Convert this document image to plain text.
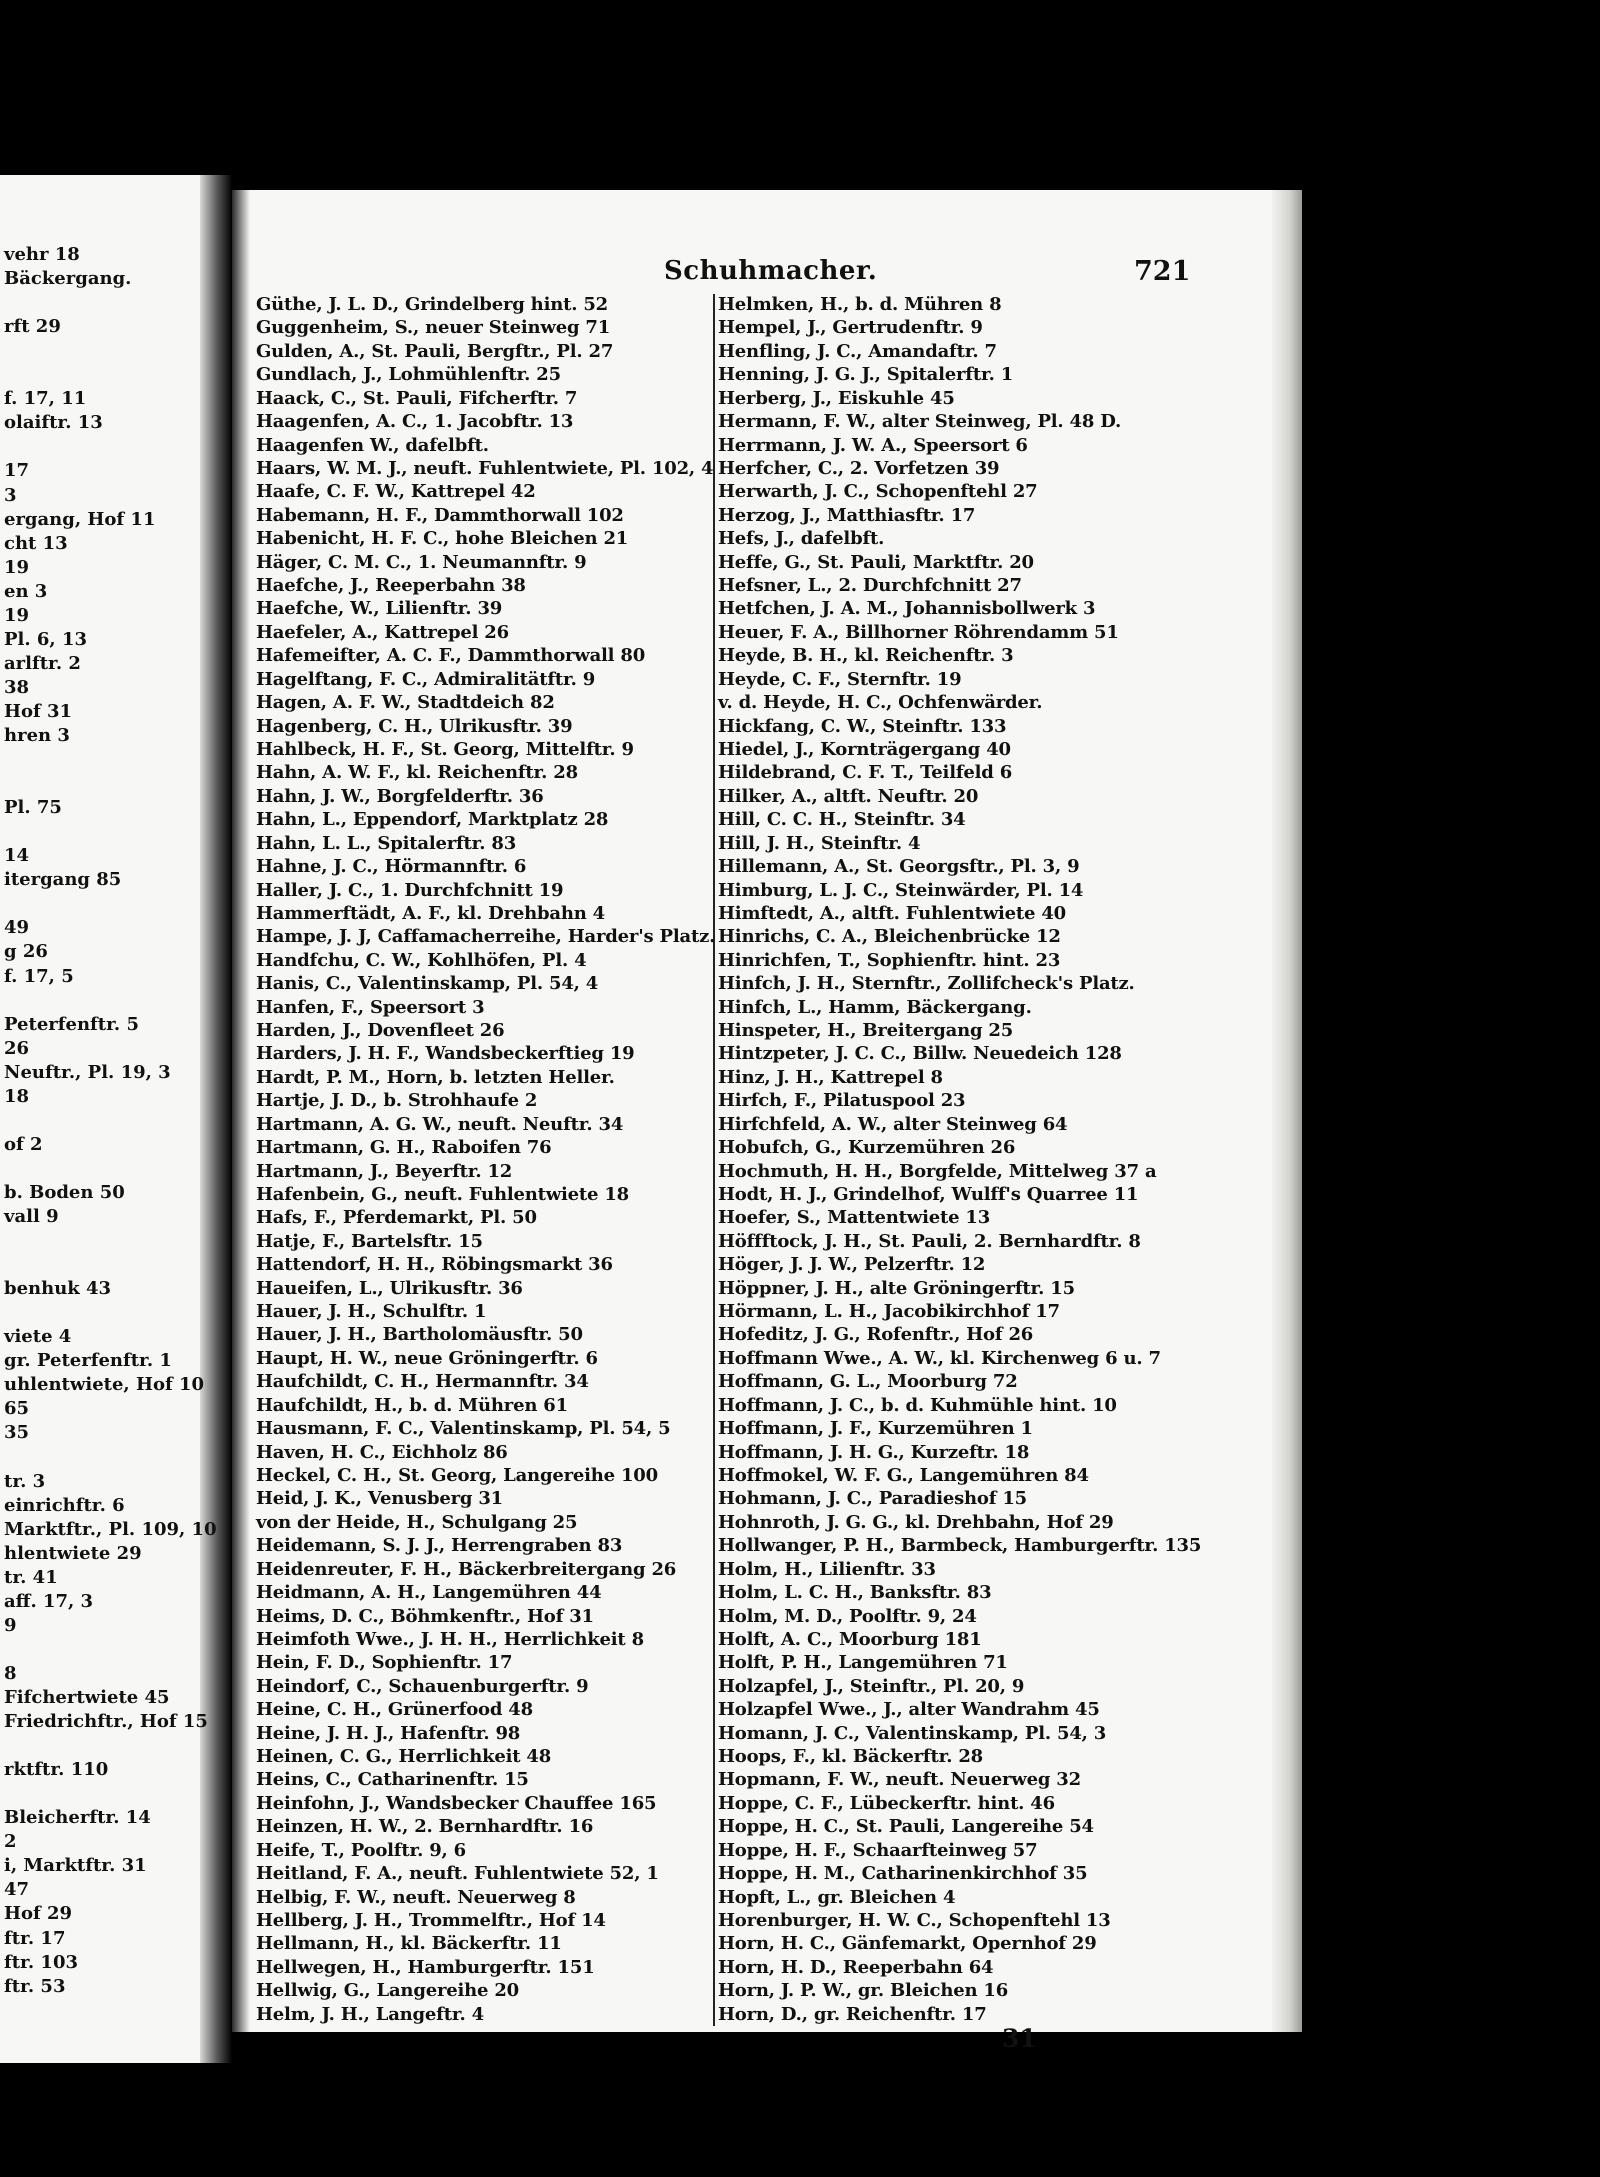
Schuhmacher.	721
31
vehr 18
Bäckergang.
rft 29
f. 17, 11
olaiftr. 13
17
3
ergang, Hof 11
cht 13
19
en 3
19
Pl. 6, 13
arlftr. 2
38
Hof 31
hren 3
Pl. 75
14
itergang 85
49
g 26
f. 17, 5
Peterfenftr. 5
26
Neuftr., Pl. 19, 3
18
of 2
b. Boden 50
vall 9
benhuk 43
viete 4
gr. Peterfenftr. 1
uhlentwiete, Hof 10
65
35
tr. 3
einrichftr. 6
Marktftr., Pl. 109, 10
hlentwiete 29
tr. 41
aff. 17, 3
9
8
Fifchertwiete 45
Friedrichftr., Hof 15
rktftr. 110
Bleicherftr. 14
2
i, Marktftr. 31
47
Hof 29
ftr. 17
ftr. 103
ftr. 53
Güthe, J. L. D., Grindelberg hint. 52
Guggenheim, S., neuer Steinweg 71
Gulden, A., St. Pauli, Bergftr., Pl. 27
Gundlach, J., Lohmühlenftr. 25
Haack, C., St. Pauli, Fifcherftr. 7
Haagenfen, A. C., 1. Jacobftr. 13
Haagenfen W., dafelbft.
Haars, W. M. J., neuft. Fuhlentwiete, Pl. 102, 4
Haafe, C. F. W., Kattrepel 42
Habemann, H. F., Dammthorwall 102
Habenicht, H. F. C., hohe Bleichen 21
Häger, C. M. C., 1. Neumannftr. 9
Haefche, J., Reeperbahn 38
Haefche, W., Lilienftr. 39
Haefeler, A., Kattrepel 26
Hafemeifter, A. C. F., Dammthorwall 80
Hagelftang, F. C., Admiralitätftr. 9
Hagen, A. F. W., Stadtdeich 82
Hagenberg, C. H., Ulrikusftr. 39
Hahlbeck, H. F., St. Georg, Mittelftr. 9
Hahn, A. W. F., kl. Reichenftr. 28
Hahn, J. W., Borgfelderftr. 36
Hahn, L., Eppendorf, Marktplatz 28
Hahn, L. L., Spitalerftr. 83
Hahne, J. C., Hörmannftr. 6
Haller, J. C., 1. Durchfchnitt 19
Hammerftädt, A. F., kl. Drehbahn 4
Hampe, J. J, Caffamacherreihe, Harder's Platz.
Handfchu, C. W., Kohlhöfen, Pl. 4
Hanis, C., Valentinskamp, Pl. 54, 4
Hanfen, F., Speersort 3
Harden, J., Dovenfleet 26
Harders, J. H. F., Wandsbeckerftieg 19
Hardt, P. M., Horn, b. letzten Heller.
Hartje, J. D., b. Strohhaufe 2
Hartmann, A. G. W., neuft. Neuftr. 34
Hartmann, G. H., Raboifen 76
Hartmann, J., Beyerftr. 12
Hafenbein, G., neuft. Fuhlentwiete 18
Hafs, F., Pferdemarkt, Pl. 50
Hatje, F., Bartelsftr. 15
Hattendorf, H. H., Röbingsmarkt 36
Haueifen, L., Ulrikusftr. 36
Hauer, J. H., Schulftr. 1
Hauer, J. H., Bartholomäusftr. 50
Haupt, H. W., neue Gröningerftr. 6
Haufchildt, C. H., Hermannftr. 34
Haufchildt, H., b. d. Mühren 61
Hausmann, F. C., Valentinskamp, Pl. 54, 5
Haven, H. C., Eichholz 86
Heckel, C. H., St. Georg, Langereihe 100
Heid, J. K., Venusberg 31
von der Heide, H., Schulgang 25
Heidemann, S. J. J., Herrengraben 83
Heidenreuter, F. H., Bäckerbreitergang 26
Heidmann, A. H., Langemühren 44
Heims, D. C., Böhmkenftr., Hof 31
Heimfoth Wwe., J. H. H., Herrlichkeit 8
Hein, F. D., Sophienftr. 17
Heindorf, C., Schauenburgerftr. 9
Heine, C. H., Grünerfood 48
Heine, J. H. J., Hafenftr. 98
Heinen, C. G., Herrlichkeit 48
Heins, C., Catharinenftr. 15
Heinfohn, J., Wandsbecker Chauffee 165
Heinzen, H. W., 2. Bernhardftr. 16
Heife, T., Poolftr. 9, 6
Heitland, F. A., neuft. Fuhlentwiete 52, 1
Helbig, F. W., neuft. Neuerweg 8
Hellberg, J. H., Trommelftr., Hof 14
Hellmann, H., kl. Bäckerftr. 11
Hellwegen, H., Hamburgerftr. 151
Hellwig, G., Langereihe 20
Helm, J. H., Langeftr. 4
Helmken, H., b. d. Mühren 8
Hempel, J., Gertrudenftr. 9
Henfling, J. C., Amandaftr. 7
Henning, J. G. J., Spitalerftr. 1
Herberg, J., Eiskuhle 45
Hermann, F. W., alter Steinweg, Pl. 48 D.
Herrmann, J. W. A., Speersort 6
Herfcher, C., 2. Vorfetzen 39
Herwarth, J. C., Schopenftehl 27
Herzog, J., Matthiasftr. 17
Hefs, J., dafelbft.
Heffe, G., St. Pauli, Marktftr. 20
Hefsner, L., 2. Durchfchnitt 27
Hetfchen, J. A. M., Johannisbollwerk 3
Heuer, F. A., Billhorner Röhrendamm 51
Heyde, B. H., kl. Reichenftr. 3
Heyde, C. F., Sternftr. 19
v. d. Heyde, H. C., Ochfenwärder.
Hickfang, C. W., Steinftr. 133
Hiedel, J., Kornträgergang 40
Hildebrand, C. F. T., Teilfeld 6
Hilker, A., altft. Neuftr. 20
Hill, C. C. H., Steinftr. 34
Hill, J. H., Steinftr. 4
Hillemann, A., St. Georgsftr., Pl. 3, 9
Himburg, L. J. C., Steinwärder, Pl. 14
Himftedt, A., altft. Fuhlentwiete 40
Hinrichs, C. A., Bleichenbrücke 12
Hinrichfen, T., Sophienftr. hint. 23
Hinfch, J. H., Sternftr., Zollifcheck's Platz.
Hinfch, L., Hamm, Bäckergang.
Hinspeter, H., Breitergang 25
Hintzpeter, J. C. C., Billw. Neuedeich 128
Hinz, J. H., Kattrepel 8
Hirfch, F., Pilatuspool 23
Hirfchfeld, A. W., alter Steinweg 64
Hobufch, G., Kurzemühren 26
Hochmuth, H. H., Borgfelde, Mittelweg 37 a
Hodt, H. J., Grindelhof, Wulff's Quarree 11
Hoefer, S., Mattentwiete 13
Höffftock, J. H., St. Pauli, 2. Bernhardftr. 8
Höger, J. J. W., Pelzerftr. 12
Höppner, J. H., alte Gröningerftr. 15
Hörmann, L. H., Jacobikirchhof 17
Hofeditz, J. G., Rofenftr., Hof 26
Hoffmann Wwe., A. W., kl. Kirchenweg 6 u. 7
Hoffmann, G. L., Moorburg 72
Hoffmann, J. C., b. d. Kuhmühle hint. 10
Hoffmann, J. F., Kurzemühren 1
Hoffmann, J. H. G., Kurzeftr. 18
Hoffmokel, W. F. G., Langemühren 84
Hohmann, J. C., Paradieshof 15
Hohnroth, J. G. G., kl. Drehbahn, Hof 29
Hollwanger, P. H., Barmbeck, Hamburgerftr. 135
Holm, H., Lilienftr. 33
Holm, L. C. H., Banksftr. 83
Holm, M. D., Poolftr. 9, 24
Holft, A. C., Moorburg 181
Holft, P. H., Langemühren 71
Holzapfel, J., Steinftr., Pl. 20, 9
Holzapfel Wwe., J., alter Wandrahm 45
Homann, J. C., Valentinskamp, Pl. 54, 3
Hoops, F., kl. Bäckerftr. 28
Hopmann, F. W., neuft. Neuerweg 32
Hoppe, C. F., Lübeckerftr. hint. 46
Hoppe, H. C., St. Pauli, Langereihe 54
Hoppe, H. F., Schaarfteinweg 57
Hoppe, H. M., Catharinenkirchhof 35
Hopft, L., gr. Bleichen 4
Horenburger, H. W. C., Schopenftehl 13
Horn, H. C., Gänfemarkt, Opernhof 29
Horn, H. D., Reeperbahn 64
Horn, J. P. W., gr. Bleichen 16
Horn, D., gr. Reichenftr. 17
